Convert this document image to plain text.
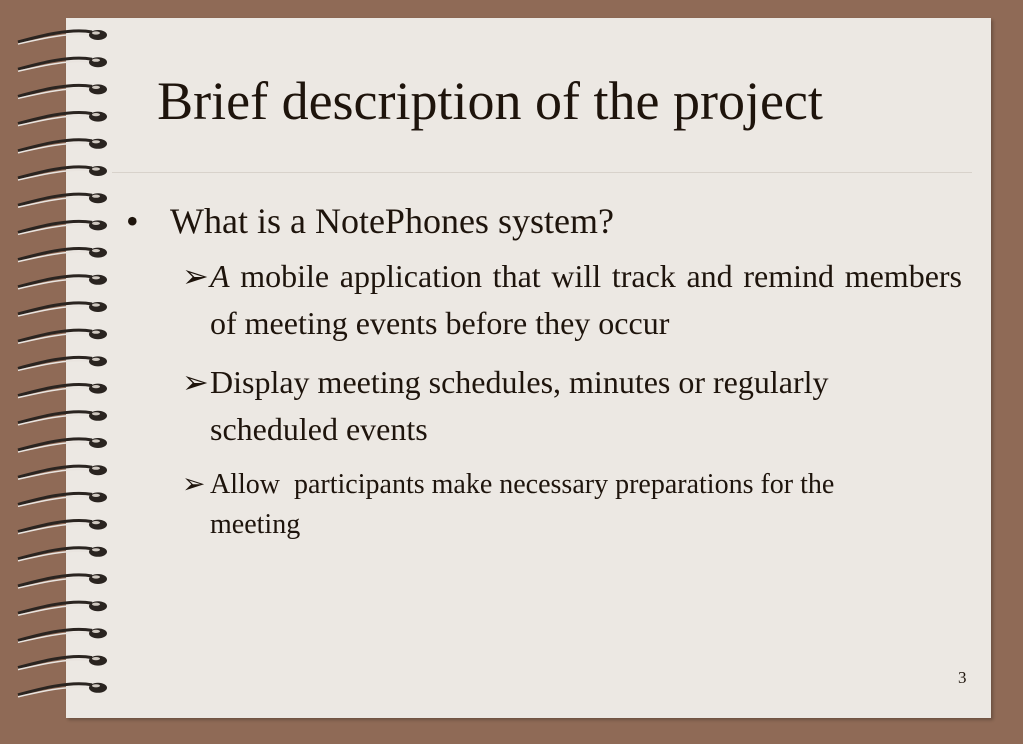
Brief description of the project
• What is a NotePhones system?
➢ A mobile application that will track and remind members of meeting events before they occur
➢ Display meeting schedules, minutes or regularly scheduled events
➢ Allow  participants make necessary preparations for the meeting
3
